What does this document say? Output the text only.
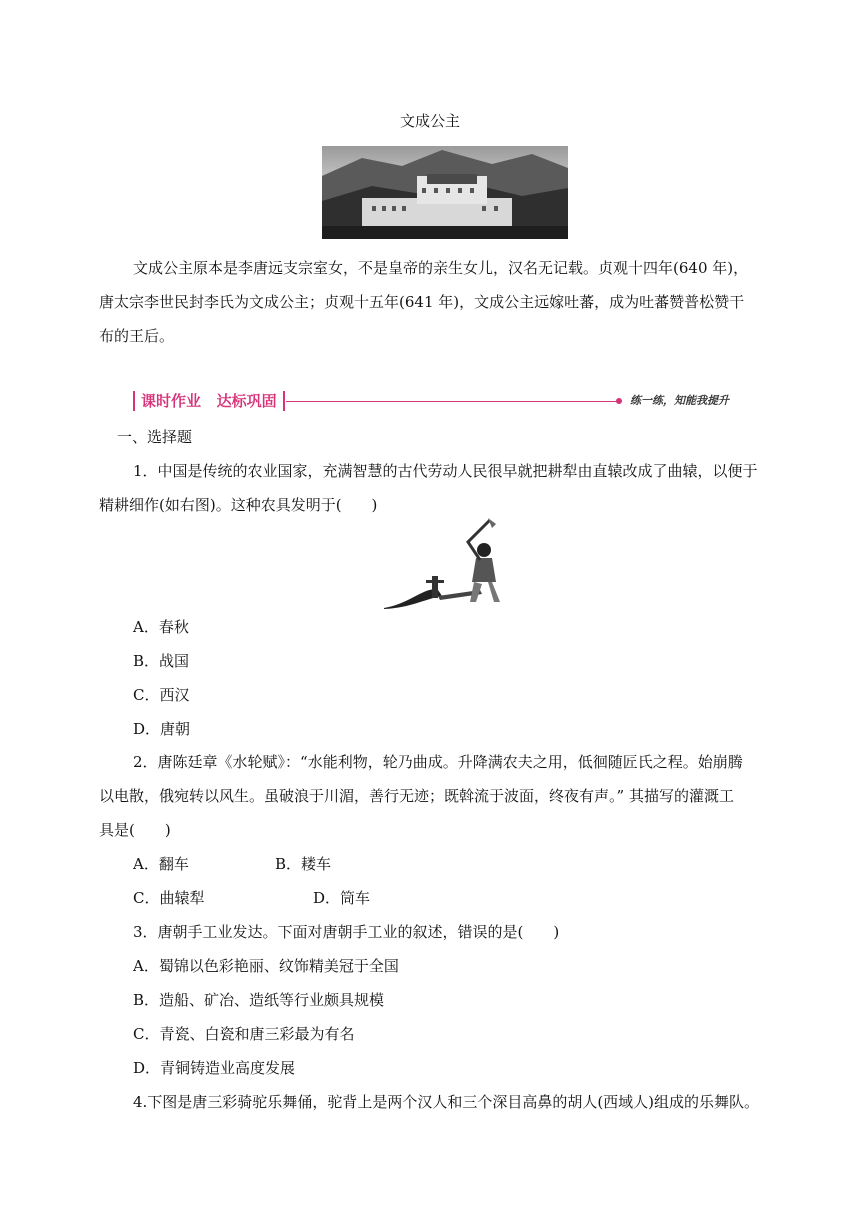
文成公主
文成公主原本是李唐远支宗室女，不是皇帝的亲生女儿，汉名无记载。贞观十四年(640 年)，
唐太宗李世民封李氏为文成公主；贞观十五年(641 年)，文成公主远嫁吐蕃，成为吐蕃赞普松赞干
布的王后。
课时作业   达标巩固	练一练，知能我提升
一、选择题
1．中国是传统的农业国家，充满智慧的古代劳动人民很早就把耕犁由直辕改成了曲辕，以便于
精耕细作(如右图)。这种农具发明于(　　)
A．春秋
B．战国
C．西汉
D．唐朝
2．唐陈廷章《水轮赋》：“水能利物，轮乃曲成。升降满农夫之用，低徊随匠氏之程。始崩腾
以电散，俄宛转以风生。虽破浪于川湄，善行无迹；既斡流于波面，终夜有声。” 其描写的灌溉工
具是(　　)
A．翻车	B．耧车
C．曲辕犁	D．筒车
3．唐朝手工业发达。下面对唐朝手工业的叙述，错误的是(　　)
A．蜀锦以色彩艳丽、纹饰精美冠于全国
B．造船、矿冶、造纸等行业颇具规模
C．青瓷、白瓷和唐三彩最为有名
D．青铜铸造业高度发展
4.下图是唐三彩骑驼乐舞俑，驼背上是两个汉人和三个深目高鼻的胡人(西域人)组成的乐舞队。
